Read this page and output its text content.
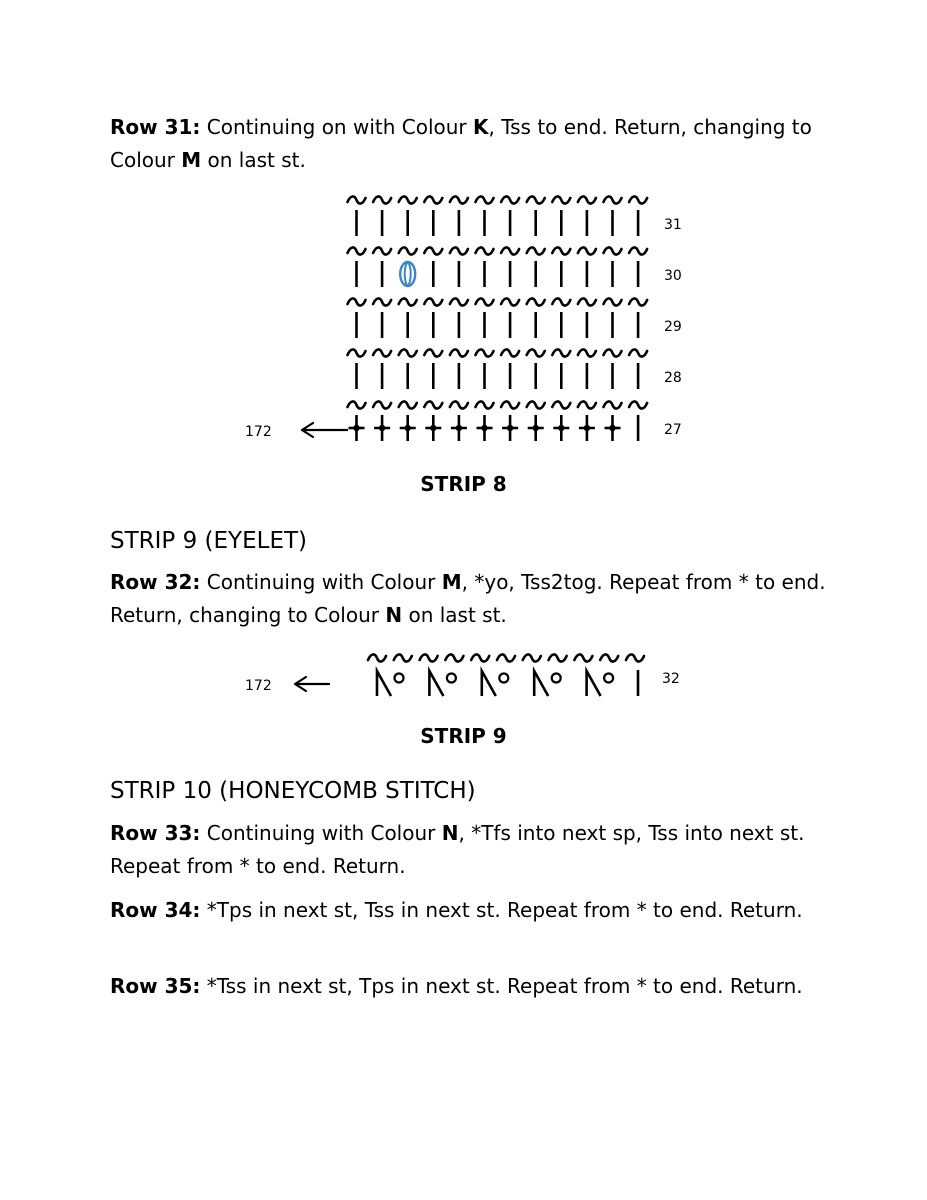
Row 31: Continuing on with Colour K, Tss to end. Return, changing to Colour M on last st.

31
30
29
28
27
172

STRIP 8

STRIP 9 (EYELET)

Row 32: Continuing with Colour M, *yo, Tss2tog. Repeat from * to end. Return, changing to Colour N on last st.

32
172

STRIP 9

STRIP 10 (HONEYCOMB STITCH)

Row 33: Continuing with Colour N, *Tfs into next sp, Tss into next st. Repeat from * to end. Return.

Row 34: *Tps in next st, Tss in next st. Repeat from * to end. Return.

Row 35: *Tss in next st, Tps in next st. Repeat from * to end. Return.
